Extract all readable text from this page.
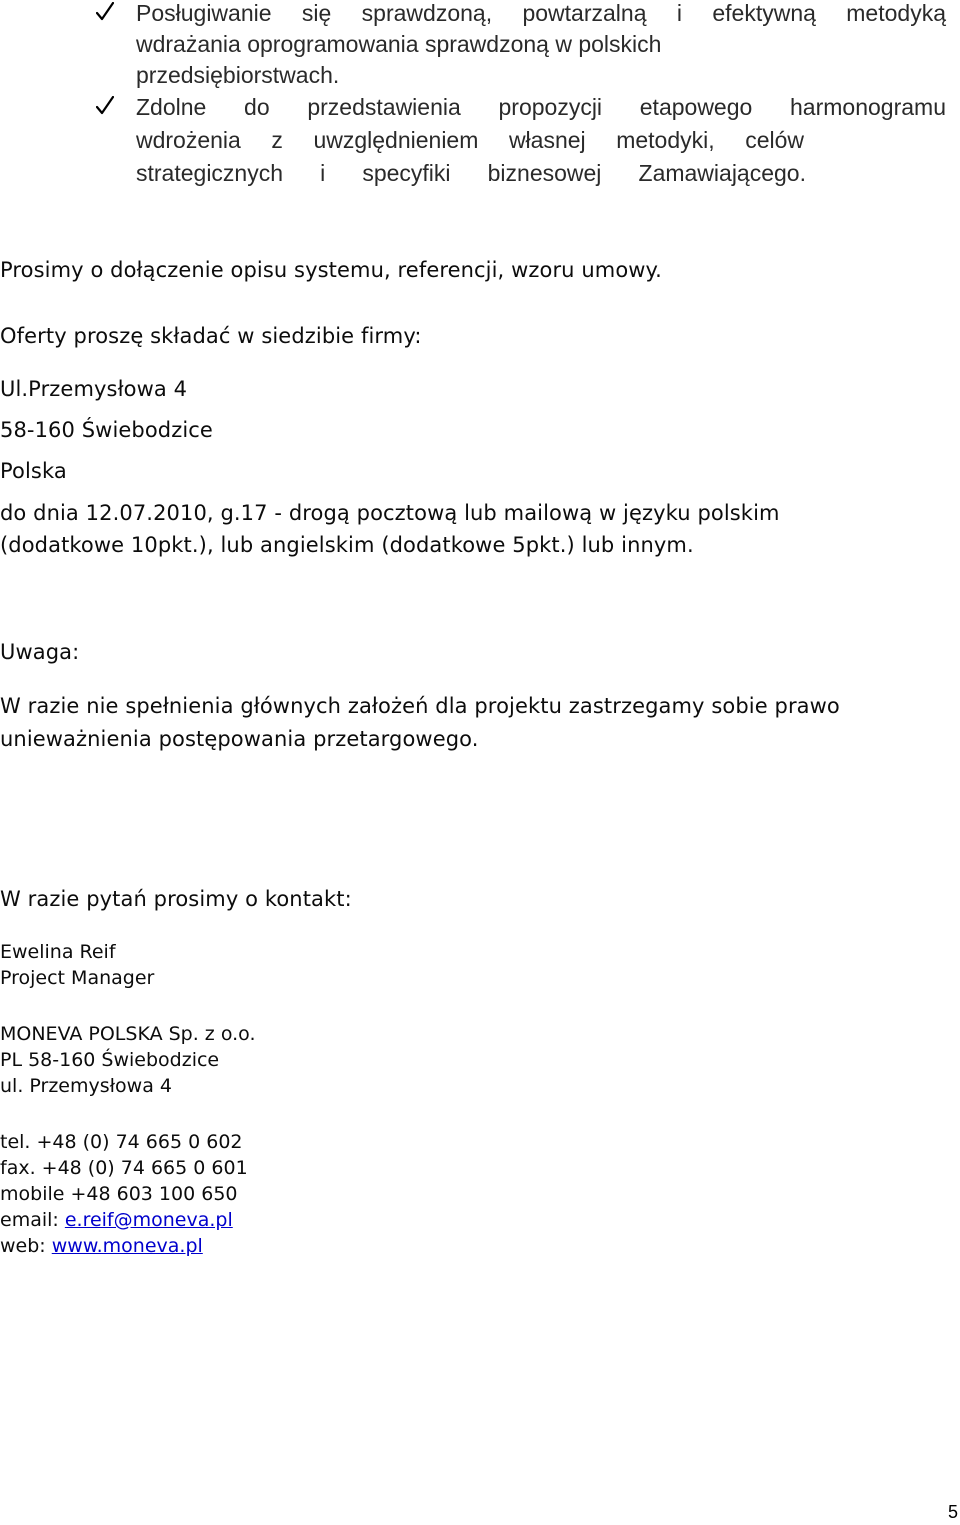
Posługiwanie się sprawdzoną, powtarzalną i efektywną metodyką
wdrażania oprogramowania sprawdzoną w polskich
przedsiębiorstwach.
Zdolne do przedstawienia propozycji etapowego harmonogramu
wdrożenia z uwzględnieniem własnej metodyki, celów
strategicznych i specyfiki biznesowej Zamawiającego.
Prosimy o dołączenie opisu systemu, referencji, wzoru umowy.
Oferty proszę składać w siedzibie firmy:
Ul.Przemysłowa 4
58-160 Świebodzice
Polska
do dnia 12.07.2010, g.17 - drogą pocztową lub mailową w języku polskim
(dodatkowe 10pkt.), lub angielskim (dodatkowe 5pkt.) lub innym.
Uwaga:
W razie nie spełnienia głównych założeń dla projektu zastrzegamy sobie prawo
unieważnienia postępowania przetargowego.
W razie pytań prosimy o kontakt:
Ewelina Reif
Project Manager
MONEVA POLSKA Sp. z o.o.
PL 58-160 Świebodzice
ul. Przemysłowa 4
tel. +48 (0) 74 665 0 602
fax. +48 (0) 74 665 0 601
mobile +48 603 100 650
email: e.reif@moneva.pl
web: www.moneva.pl
5
